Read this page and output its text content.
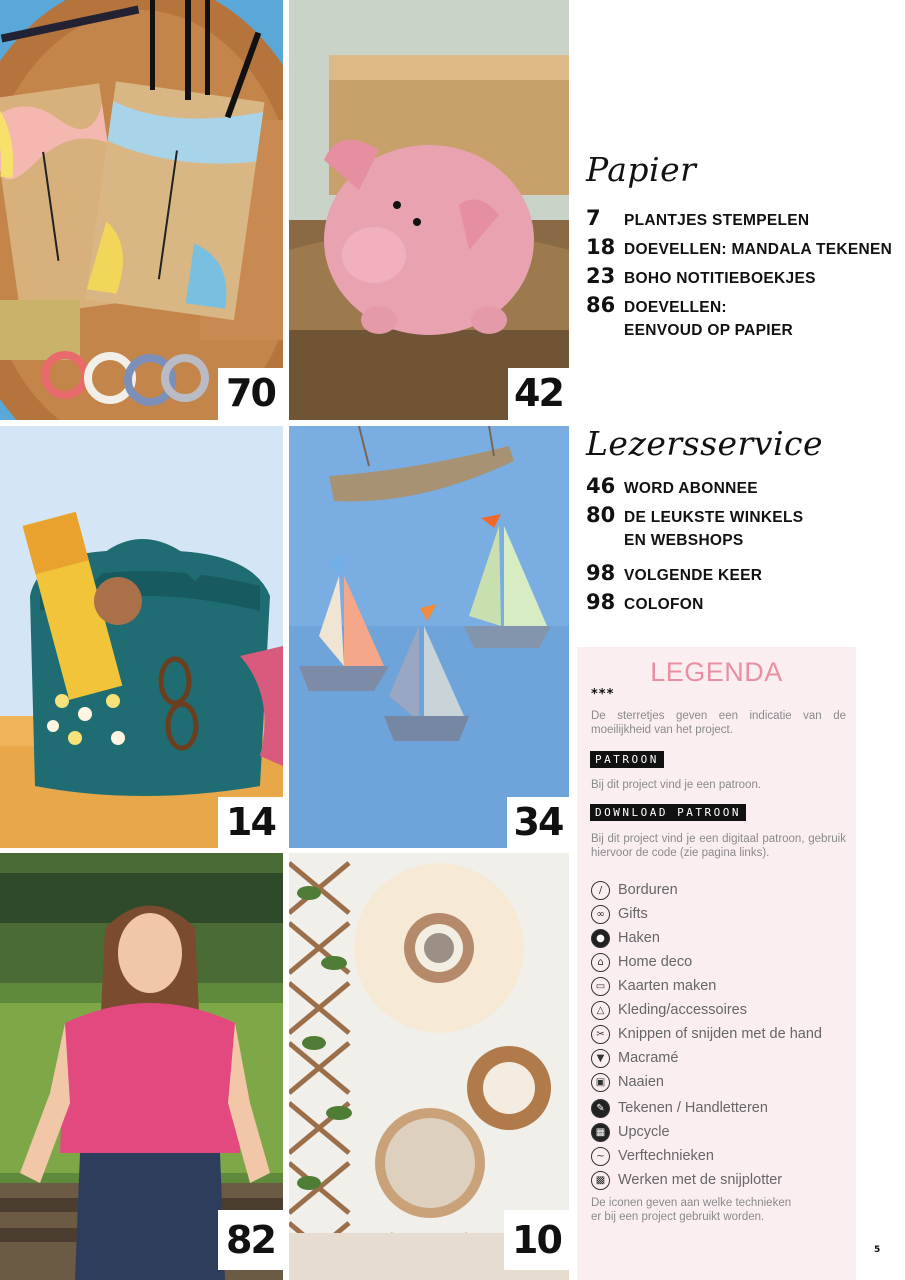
70	42
14	34
82	10
Papier
7	PLANTJES STEMPELEN
18 DOEVELLEN: MANDALA TEKENEN
23 BOHO NOTITIEBOEKJES
86 DOEVELLEN:
EENVOUD OP PAPIER
Lezersservice
46 WORD ABONNEE
80 DE LEUKSTE WINKELS
EN WEBSHOPS
98 VOLGENDE KEER
98 COLOFON
LEGENDA
***
De sterretjes geven een indicatie van de moeilijkheid van het project.
PATROON
Bij dit project vind je een patroon.
DOWNLOAD PATROON
Bij dit project vind je een digitaal patroon, gebruik hiervoor de code (zie pagina links).
/	Borduren
∞ Gifts
● Haken
⌂ Home deco
▭ Kaarten maken
△ Kleding/accessoires
✂ Knippen of snijden met de hand
▼ Macramé
▣ Naaien
✎ Tekenen / Handletteren
▦ Upcycle
~ Verftechnieken
▩ Werken met de snijplotter
De iconen geven aan welke technieken er bij een project gebruikt worden.
5
